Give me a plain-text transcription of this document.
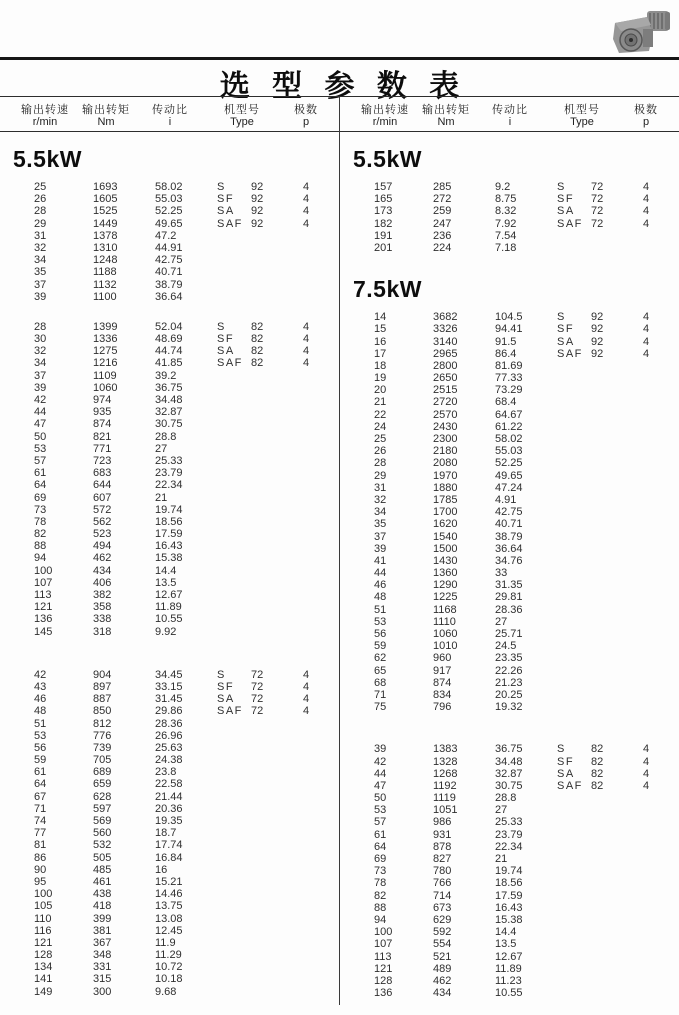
选 型 参 数 表
输出转速 输出转矩 传动比	机型号	极数
r/min	Nm	i	Type	p
5.5kW
25	1693	58.02	S	92	4
26	1605	55.03	SF	92	4
28	1525	52.25	SA	92	4
29	1449	49.65	SAF 92	4
31	1378	47.2
32	1310	44.91
34	1248	42.75
35	1188	40.71
37	1132	38.79
39	1100	36.64
28	1399	52.04	S	82	4
30	1336	48.69	SF	82	4
32	1275	44.74	SA	82	4
34	1216	41.85	SAF 82	4
37	1109	39.2
39	1060	36.75
42	974	34.48
44	935	32.87
47	874	30.75
50	821	28.8
53	771	27
57	723	25.33
61	683	23.79
64	644	22.34
69	607	21
73	572	19.74
78	562	18.56
82	523	17.59
88	494	16.43
94	462	15.38
100	434	14.4
107	406	13.5
113	382	12.67
121	358	11.89
136	338	10.55
145	318	9.92
42	904	34.45	S	72	4
43	897	33.15	SF	72	4
46	887	31.45	SA	72	4
48	850	29.86	SAF 72	4
51	812	28.36
53	776	26.96
56	739	25.63
59	705	24.38
61	689	23.8
64	659	22.58
67	628	21.44
71	597	20.36
74	569	19.35
77	560	18.7
81	532	17.74
86	505	16.84
90	485	16
95	461	15.21
100	438	14.46
105	418	13.75
110	399	13.08
116	381	12.45
121	367	11.9
128	348	11.29
134	331	10.72
141	315	10.18
149	300	9.68
输出转速 输出转矩 传动比	机型号	极数
r/min	Nm	i	Type	p
5.5kW
157	285	9.2	S	72	4
165	272	8.75	SF	72	4
173	259	8.32	SA	72	4
182	247	7.92	SAF 72	4
191	236	7.54
201	224	7.18
7.5kW
14	3682	104.5	S	92	4
15	3326	94.41	SF	92	4
16	3140	91.5	SA	92	4
17	2965	86.4	SAF 92	4
18	2800	81.69
19	2650	77.33
20	2515	73.29
21	2720	68.4
22	2570	64.67
24	2430	61.22
25	2300	58.02
26	2180	55.03
28	2080	52.25
29	1970	49.65
31	1880	47.24
32	1785	4.91
34	1700	42.75
35	1620	40.71
37	1540	38.79
39	1500	36.64
41	1430	34.76
44	1360	33
46	1290	31.35
48	1225	29.81
51	1168	28.36
53	1110	27
56	1060	25.71
59	1010	24.5
62	960	23.35
65	917	22.26
68	874	21.23
71	834	20.25
75	796	19.32
39	1383	36.75	S	82	4
42	1328	34.48	SF	82	4
44	1268	32.87	SA	82	4
47	1192	30.75	SAF 82	4
50	1119	28.8
53	1051	27
57	986	25.33
61	931	23.79
64	878	22.34
69	827	21
73	780	19.74
78	766	18.56
82	714	17.59
88	673	16.43
94	629	15.38
100	592	14.4
107	554	13.5
113	521	12.67
121	489	11.89
128	462	11.23
136	434	10.55
